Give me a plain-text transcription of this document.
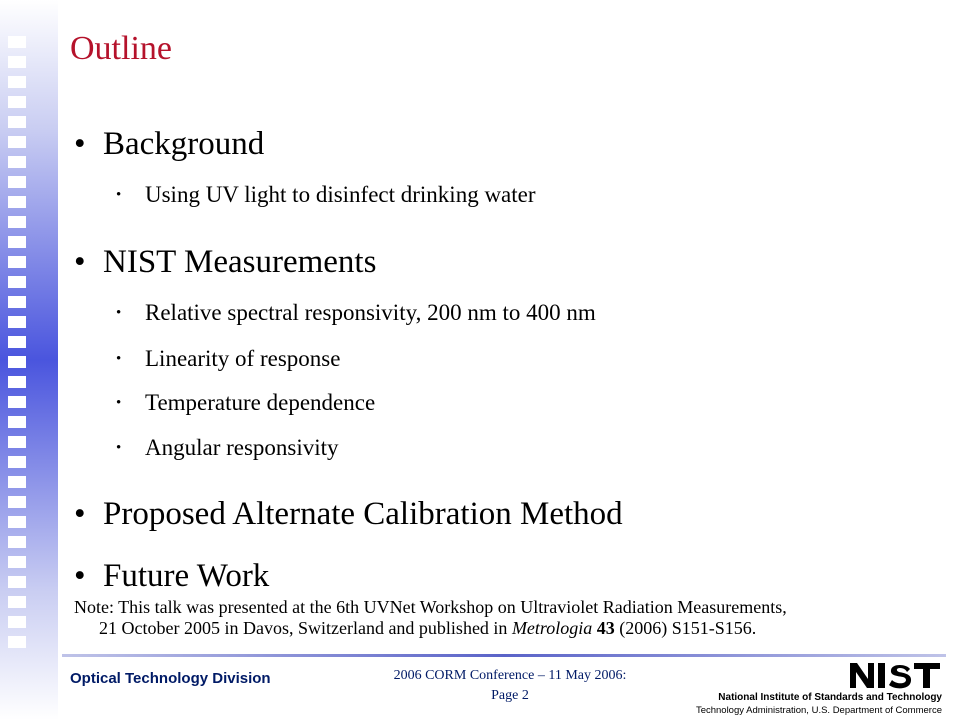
Outline
• Background
• Using UV light to disinfect drinking water
• NIST Measurements
• Relative spectral responsivity, 200 nm to 400 nm
• Linearity of response
• Temperature dependence
• Angular responsivity
• Proposed Alternate Calibration Method
• Future Work
Note: This talk was presented at the 6th UVNet Workshop on Ultraviolet Radiation Measurements,
21 October 2005 in Davos, Switzerland and published in Metrologia 43 (2006) S151-S156.
Optical Technology Division	2006 CORM Conference – 11 May 2006:
Page 2	National Institute of Standards and Technology
Technology Administration, U.S. Department of Commerce
